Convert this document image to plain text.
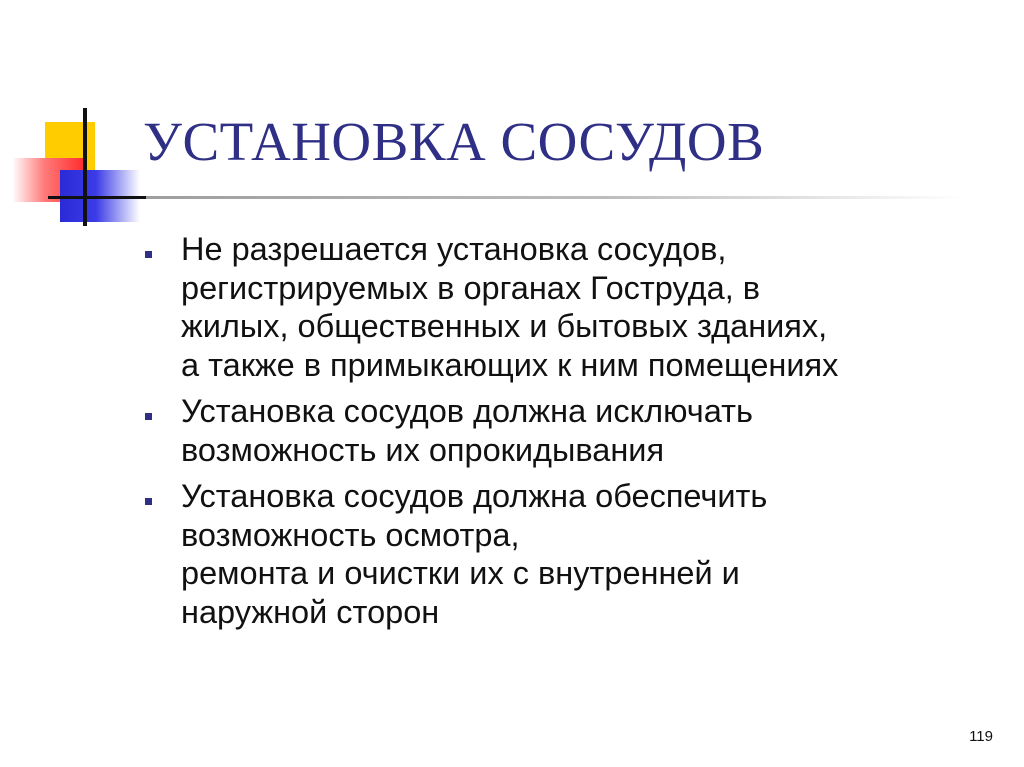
УСТАНОВКА СОСУДОВ
Не разрешается установка сосудов,
регистрируемых в органах Гострудa, в
жилых, общественных и бытовых зданиях,
а также в примыкающих к ним помещениях
Установка сосудов должна исключать
возможность их опрокидывания
Установка сосудов должна обеспечить
возможность осмотра,
ремонта и очистки их с внутренней и
наружной сторон
119
